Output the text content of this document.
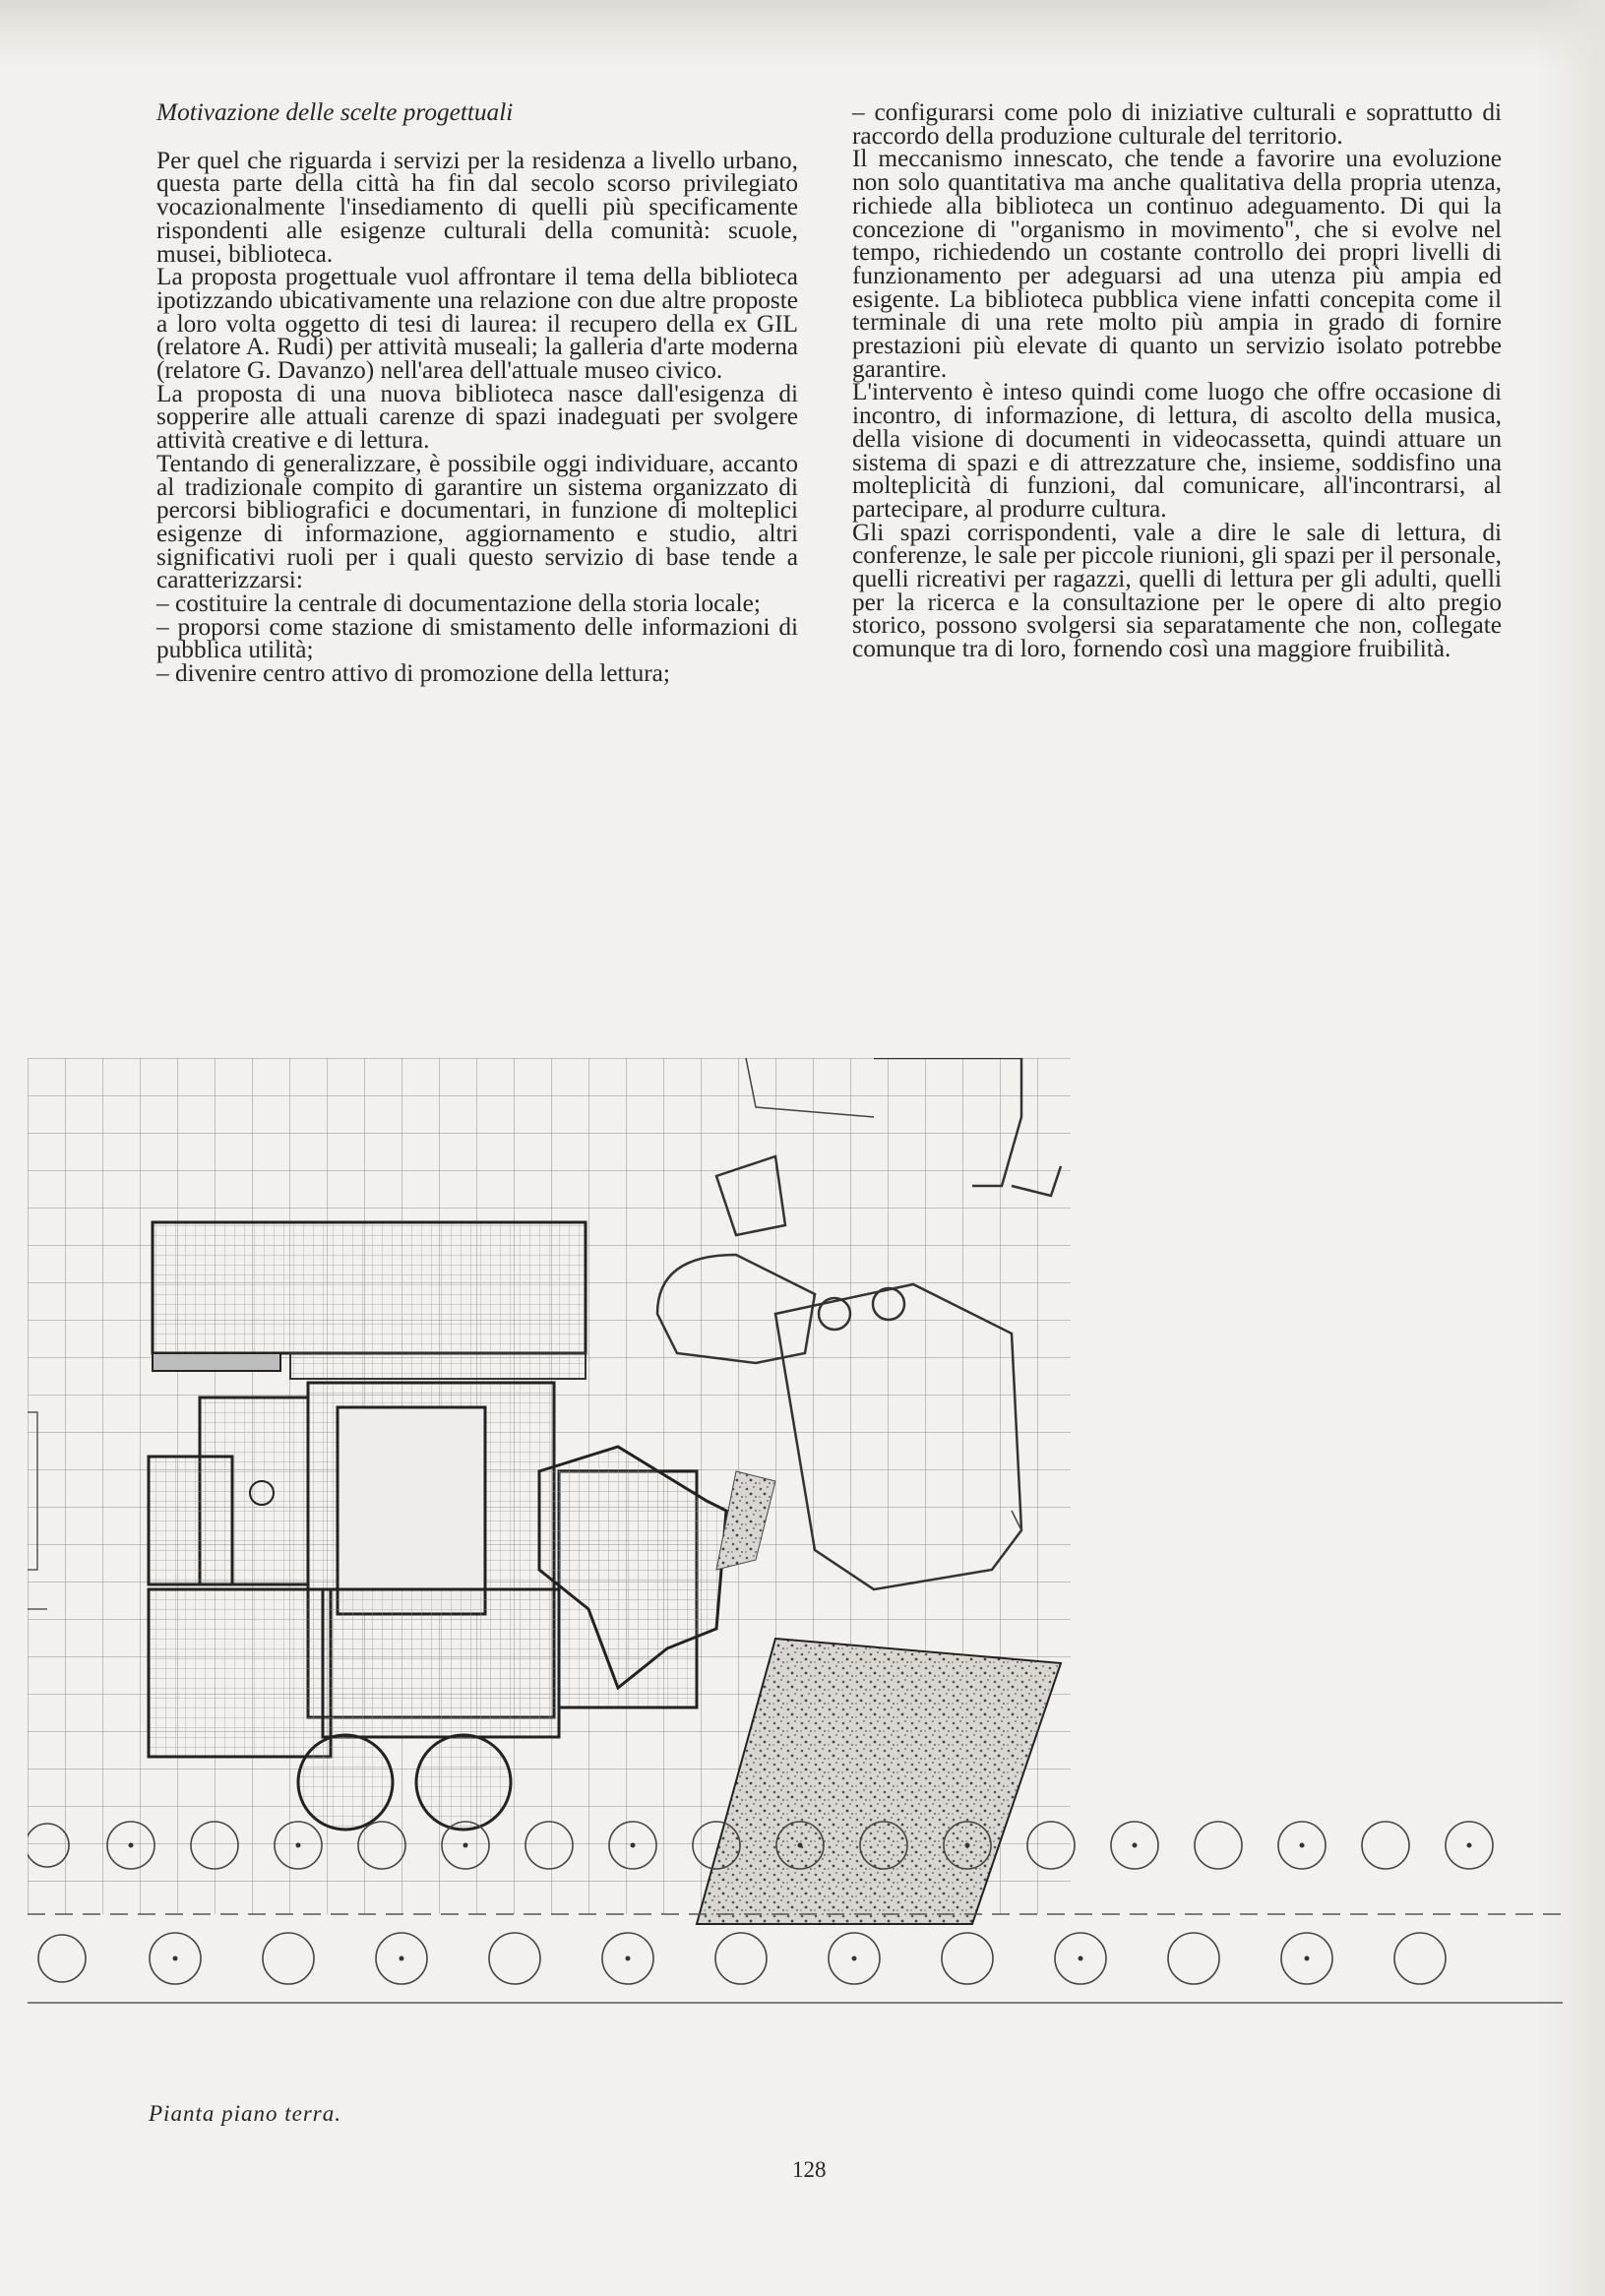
Motivazione delle scelte progettuali

Per quel che riguarda i servizi per la residenza a livello urbano, questa parte della città ha fin dal secolo scorso privilegiato vocazionalmente l'insediamento di quelli più specificamente rispondenti alle esigenze culturali della comunità: scuole, musei, biblioteca.

La proposta progettuale vuol affrontare il tema della biblioteca ipotizzando ubicativamente una relazione con due altre proposte a loro volta oggetto di tesi di laurea: il recupero della ex GIL (relatore A. Rudi) per attività museali; la galleria d'arte moderna (relatore G. Davanzo) nell'area dell'attuale museo civico.

La proposta di una nuova biblioteca nasce dall'esigenza di sopperire alle attuali carenze di spazi inadeguati per svolgere attività creative e di lettura.

Tentando di generalizzare, è possibile oggi individuare, accanto al tradizionale compito di garantire un sistema organizzato di percorsi bibliografici e documentari, in funzione di molteplici esigenze di informazione, aggiornamento e studio, altri significativi ruoli per i quali questo servizio di base tende a caratterizzarsi:

– costituire la centrale di documentazione della storia locale;

– proporsi come stazione di smistamento delle informazioni di pubblica utilità;

– divenire centro attivo di promozione della lettura;

– configurarsi come polo di iniziative culturali e soprattutto di raccordo della produzione culturale del territorio.

Il meccanismo innescato, che tende a favorire una evoluzione non solo quantitativa ma anche qualitativa della propria utenza, richiede alla biblioteca un continuo adeguamento. Di qui la concezione di "organismo in movimento", che si evolve nel tempo, richiedendo un costante controllo dei propri livelli di funzionamento per adeguarsi ad una utenza più ampia ed esigente. La biblioteca pubblica viene infatti concepita come il terminale di una rete molto più ampia in grado di fornire prestazioni più elevate di quanto un servizio isolato potrebbe garantire.

L'intervento è inteso quindi come luogo che offre occasione di incontro, di informazione, di lettura, di ascolto della musica, della visione di documenti in videocassetta, quindi attuare un sistema di spazi e di attrezzature che, insieme, soddisfino una molteplicità di funzioni, dal comunicare, all'incontrarsi, al partecipare, al produrre cultura.

Gli spazi corrispondenti, vale a dire le sale di lettura, di conferenze, le sale per piccole riunioni, gli spazi per il personale, quelli ricreativi per ragazzi, quelli di lettura per gli adulti, quelli per la ricerca e la consultazione per le opere di alto pregio storico, possono svolgersi sia separatamente che non, collegate comunque tra di loro, fornendo così una maggiore fruibilità.

Pianta piano terra.
128
